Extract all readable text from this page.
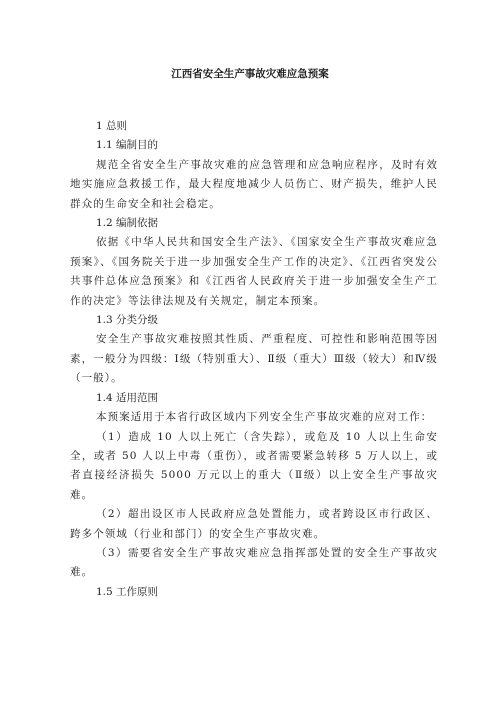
江西省安全生产事故灾难应急预案

1 总则

1.1 编制目的

规范全省安全生产事故灾难的应急管理和应急响应程序，及时有效地实施应急救援工作，最大程度地减少人员伤亡、财产损失，维护人民群众的生命安全和社会稳定。

1.2 编制依据

依据《中华人民共和国安全生产法》、《国家安全生产事故灾难应急预案》、《国务院关于进一步加强安全生产工作的决定》、《江西省突发公共事件总体应急预案》和《江西省人民政府关于进一步加强安全生产工作的决定》等法律法规及有关规定，制定本预案。

1.3 分类分级

安全生产事故灾难按照其性质、严重程度、可控性和影响范围等因素，一般分为四级：Ⅰ级（特别重大）、Ⅱ级（重大）Ⅲ级（较大）和Ⅳ级（一般）。

1.4 适用范围

本预案适用于本省行政区域内下列安全生产事故灾难的应对工作：

（1）造成 10 人以上死亡（含失踪），或危及 10 人以上生命安全，或者 50 人以上中毒（重伤），或者需要紧急转移 5 万人以上，或者直接经济损失 5000 万元以上的重大（Ⅱ级）以上安全生产事故灾难。

（2）超出设区市人民政府应急处置能力，或者跨设区市行政区、跨多个领域（行业和部门）的安全生产事故灾难。

（3）需要省安全生产事故灾难应急指挥部处置的安全生产事故灾难。

1.5 工作原则
